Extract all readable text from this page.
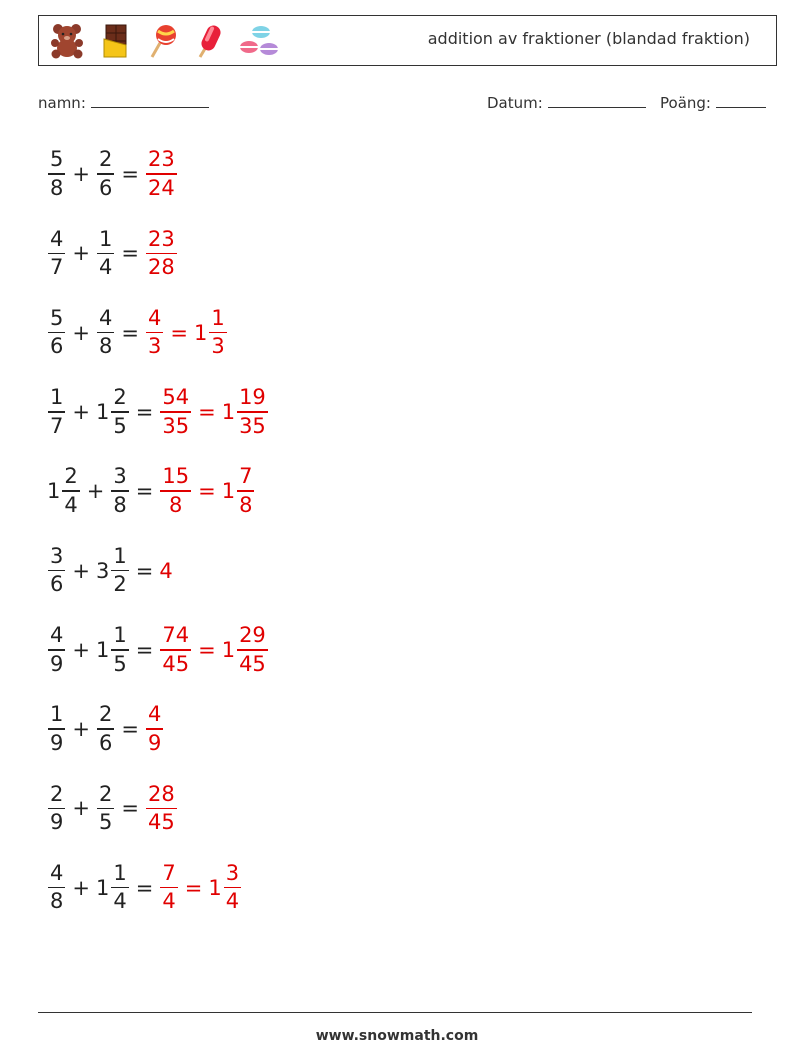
addition av fraktioner (blandad fraktion)
namn:	Datum:	Poäng:
$\frac{5}{8} + \frac{2}{6} = \frac{23}{24}$
$\frac{4}{7} + \frac{1}{4} = \frac{23}{28}$
$\frac{5}{6} + \frac{4}{8} = \frac{4}{3} = 1 \frac{1}{3}$
$\frac{1}{7} + 1 \frac{2}{5} = \frac{54}{35} = 1 \frac{19}{35}$
$1 \frac{2}{4} + \frac{3}{8} = \frac{15}{8} = 1 \frac{7}{8}$
$\frac{3}{6} + 3 \frac{1}{2} = 4$
$\frac{4}{9} + 1 \frac{1}{5} = \frac{74}{45} = 1 \frac{29}{45}$
$\frac{1}{9} + \frac{2}{6} = \frac{4}{9}$
$\frac{2}{9} + \frac{2}{5} = \frac{28}{45}$
$\frac{4}{8} + 1 \frac{1}{4} = \frac{7}{4} = 1 \frac{3}{4}$
www.snowmath.com
